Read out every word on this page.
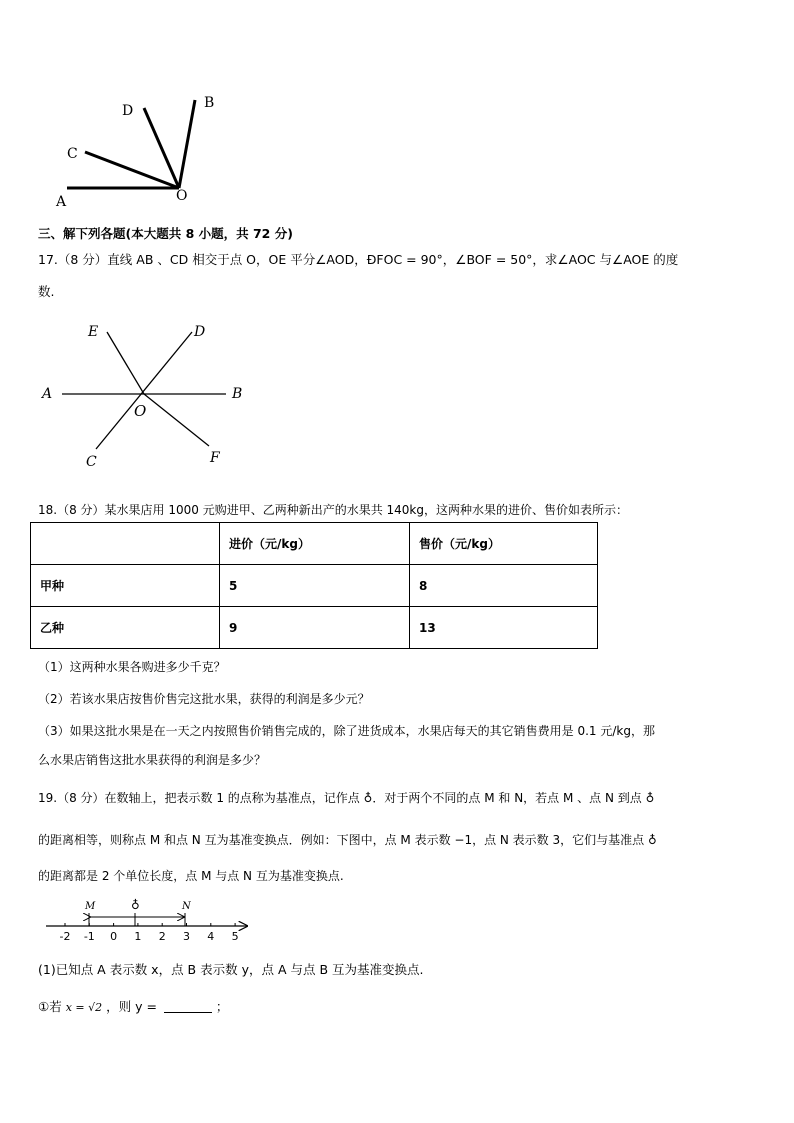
D	B
C
O
A
三、解下列各题(本大题共 8 小题，共 72 分)
17.（8 分）直线 AB 、CD 相交于点 O，OE 平分∠AOD，ÐFOC = 90°，∠BOF = 50°，求∠AOC 与∠AOE 的度
数.
E	D
A	B
O
C	F
18.（8 分）某水果店用 1000 元购进甲、乙两种新出产的水果共 140kg，这两种水果的进价、售价如表所示：
	进价（元/kg）	售价（元/kg）
甲种	5	8
乙种	9	13
（1）这两种水果各购进多少千克？
（2）若该水果店按售价售完这批水果，获得的利润是多少元？
（3）如果这批水果是在一天之内按照售价销售完成的，除了进货成本，水果店每天的其它销售费用是 0.1 元/kg，那
么水果店销售这批水果获得的利润是多少？
19.（8 分）在数轴上，把表示数 1 的点称为基准点，记作点 ♁．对于两个不同的点 M 和 N，若点 M 、点 N 到点 ♁
的距离相等，则称点 M 和点 N 互为基准变换点．例如：下图中，点 M 表示数 −1，点 N 表示数 3，它们与基准点 ♁
的距离都是 2 个单位长度，点 M 与点 N 互为基准变换点.
-2 -1 0 1 2 3 4 5
M	♁	N
(1)已知点 A 表示数 x，点 B 表示数 y，点 A 与点 B 互为基准变换点.
①若 x = √2 ，则 y =	；
